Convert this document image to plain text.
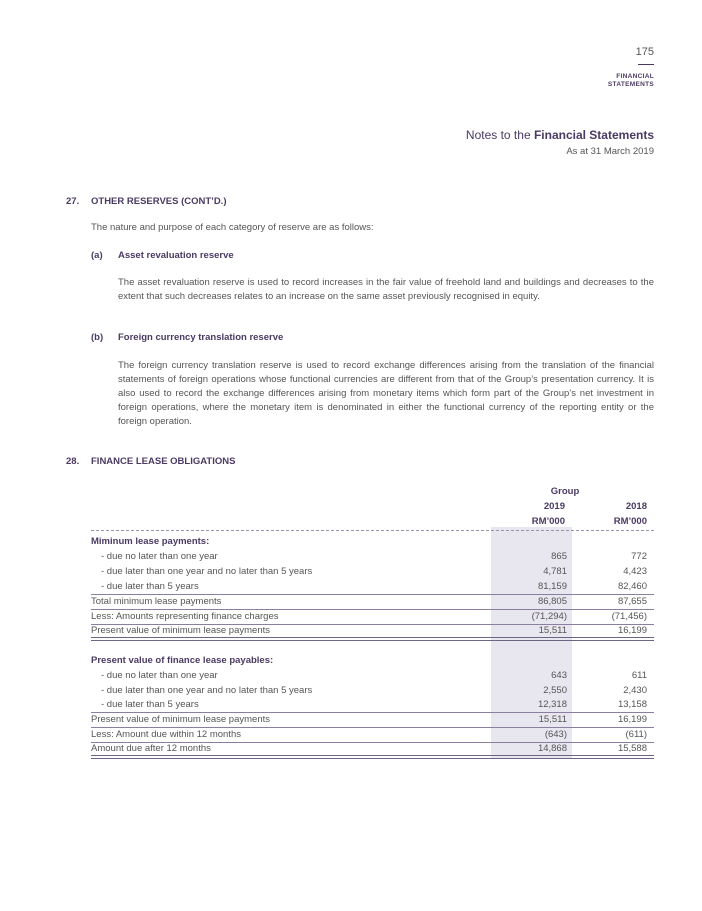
175
FINANCIAL
STATEMENTS
Notes to the Financial Statements
As at 31 March 2019
27. OTHER RESERVES (CONT’D.)
The nature and purpose of each category of reserve are as follows:
(a) Asset revaluation reserve
The asset revaluation reserve is used to record increases in the fair value of freehold land and buildings and decreases to the extent that such decreases relates to an increase on the same asset previously recognised in equity.
(b) Foreign currency translation reserve
The foreign currency translation reserve is used to record exchange differences arising from the translation of the financial statements of foreign operations whose functional currencies are different from that of the Group’s presentation currency. It is also used to record the exchange differences arising from monetary items which form part of the Group’s net investment in foreign operations, where the monetary item is denominated in either the functional currency of the reporting entity or the foreign operation.
28. FINANCE LEASE OBLIGATIONS
Group
2019	2018
RM’000	RM’000
Miminum lease payments:
- due no later than one year	865	772
- due later than one year and no later than 5 years	4,781	4,423
- due later than 5 years	81,159	82,460
Total minimum lease payments	86,805	87,655
Less: Amounts representing finance charges	(71,294)	(71,456)
Present value of minimum lease payments	15,511	16,199
Present value of finance lease payables:
- due no later than one year	643	611
- due later than one year and no later than 5 years	2,550	2,430
- due later than 5 years	12,318	13,158
Present value of minimum lease payments	15,511	16,199
Less: Amount due within 12 months	(643)	(611)
Amount due after 12 months	14,868	15,588
